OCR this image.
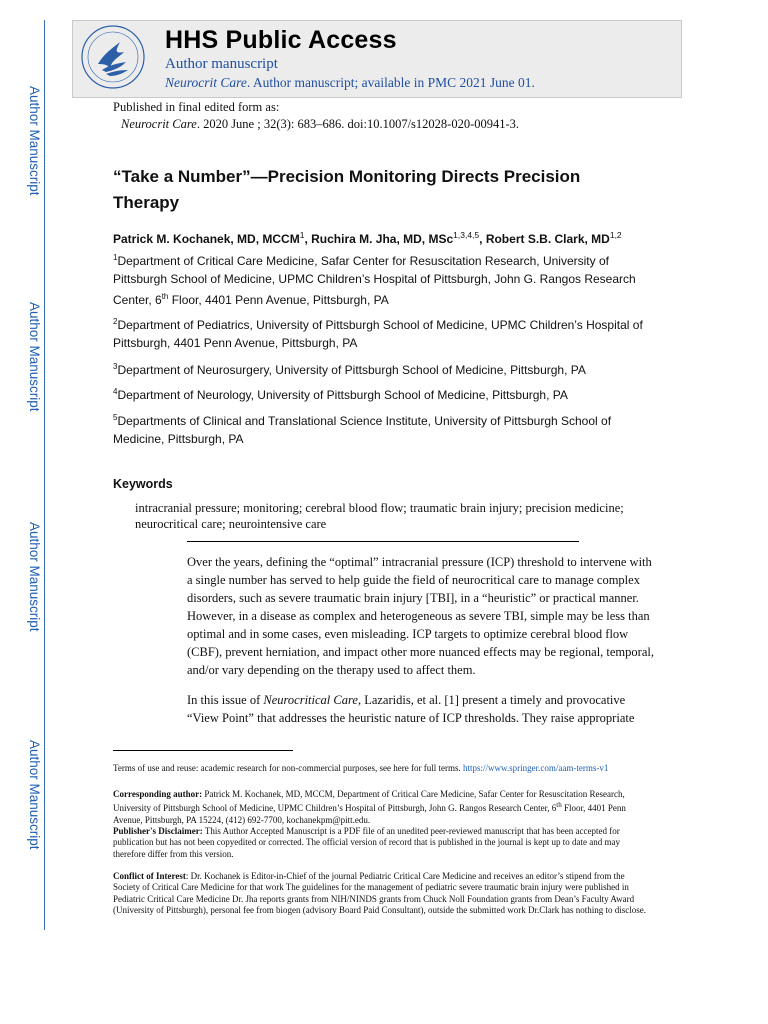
Author Manuscript
Author Manuscript
Author Manuscript
Author Manuscript
HHS Public Access
Author manuscript
Neurocrit Care. Author manuscript; available in PMC 2021 June 01.
Published in final edited form as:
Neurocrit Care. 2020 June ; 32(3): 683–686. doi:10.1007/s12028-020-00941-3.
“Take a Number”—Precision Monitoring Directs Precision Therapy
Patrick M. Kochanek, MD, MCCM$^1$, Ruchira M. Jha, MD, MSc$^{1,3,4,5}$, Robert S.B. Clark, MD$^{1,2}$
$^1$Department of Critical Care Medicine, Safar Center for Resuscitation Research, University of Pittsburgh School of Medicine, UPMC Children’s Hospital of Pittsburgh, John G. Rangos Research Center, 6th Floor, 4401 Penn Avenue, Pittsburgh, PA
$^2$Department of Pediatrics, University of Pittsburgh School of Medicine, UPMC Children’s Hospital of Pittsburgh, 4401 Penn Avenue, Pittsburgh, PA
$^3$Department of Neurosurgery, University of Pittsburgh School of Medicine, Pittsburgh, PA
$^4$Department of Neurology, University of Pittsburgh School of Medicine, Pittsburgh, PA
$^5$Departments of Clinical and Translational Science Institute, University of Pittsburgh School of Medicine, Pittsburgh, PA
Keywords
intracranial pressure; monitoring; cerebral blood flow; traumatic brain injury; precision medicine; neurocritical care; neurointensive care
Over the years, defining the “optimal” intracranial pressure (ICP) threshold to intervene with a single number has served to help guide the field of neurocritical care to manage complex disorders, such as severe traumatic brain injury [TBI], in a “heuristic” or practical manner. However, in a disease as complex and heterogeneous as severe TBI, simple may be less than optimal and in some cases, even misleading. ICP targets to optimize cerebral blood flow (CBF), prevent herniation, and impact other more nuanced effects may be regional, temporal, and/or vary depending on the therapy used to affect them.
In this issue of Neurocritical Care, Lazaridis, et al. [1] present a timely and provocative “View Point” that addresses the heuristic nature of ICP thresholds. They raise appropriate
Terms of use and reuse: academic research for non-commercial purposes, see here for full terms. https://www.springer.com/aam-terms-v1
Corresponding author: Patrick M. Kochanek, MD, MCCM, Department of Critical Care Medicine, Safar Center for Resuscitation Research, University of Pittsburgh School of Medicine, UPMC Children’s Hospital of Pittsburgh, John G. Rangos Research Center, 6th Floor, 4401 Penn Avenue, Pittsburgh, PA 15224, (412) 692-7700, kochanekpm@pitt.edu.
Publisher's Disclaimer: This Author Accepted Manuscript is a PDF file of an unedited peer-reviewed manuscript that has been accepted for publication but has not been copyedited or corrected. The official version of record that is published in the journal is kept up to date and may therefore differ from this version.
Conflict of Interest: Dr. Kochanek is Editor-in-Chief of the journal Pediatric Critical Care Medicine and receives an editor’s stipend from the Society of Critical Care Medicine for that work The guidelines for the management of pediatric severe traumatic brain injury were published in Pediatric Critical Care Medicine Dr. Jha reports grants from NIH/NINDS grants from Chuck Noll Foundation grants from Dean’s Faculty Award (University of Pittsburgh), personal fee from biogen (advisory Board Paid Consultant), outside the submitted work Dr.Clark has nothing to disclose.
